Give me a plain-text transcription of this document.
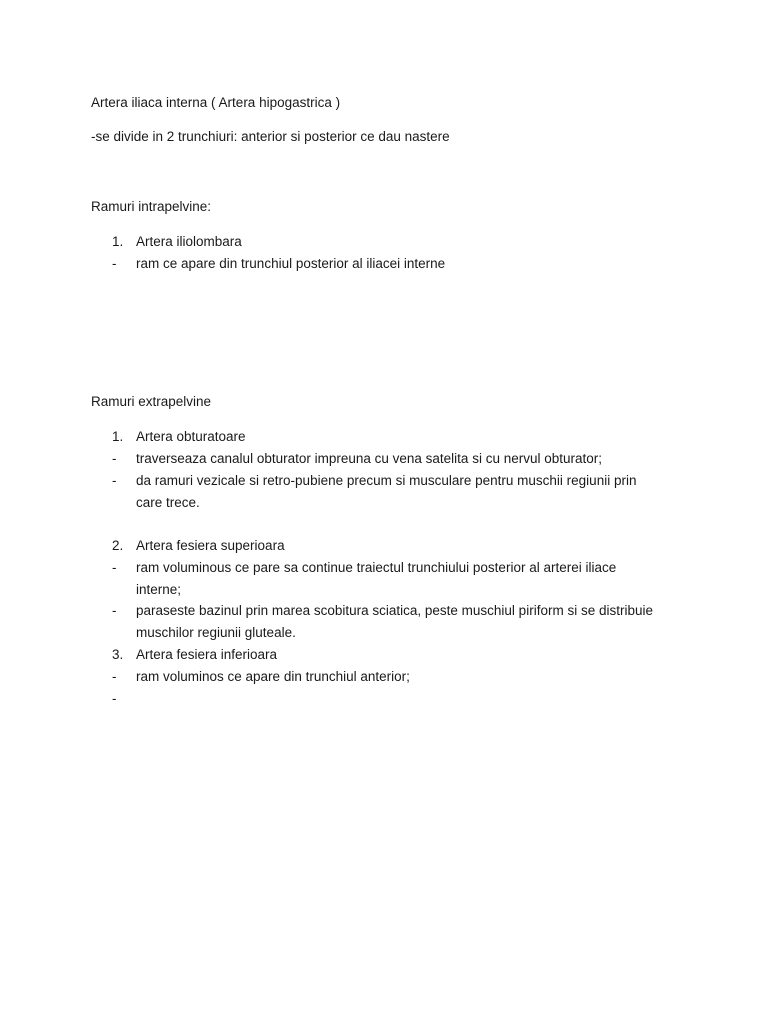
Artera iliaca interna ( Artera hipogastrica )
-se divide in 2 trunchiuri: anterior si posterior ce dau nastere
Ramuri intrapelvine:
1. Artera iliolombara
- ram ce apare din trunchiul posterior al iliacei interne
Ramuri extrapelvine
1. Artera obturatoare
- traverseaza canalul obturator impreuna cu vena satelita si cu nervul obturator;
- da ramuri vezicale si retro-pubiene precum si musculare pentru muschii regiunii prin
care trece.
2. Artera fesiera superioara
- ram voluminous ce pare sa continue traiectul trunchiului posterior al arterei iliace
interne;
- paraseste bazinul prin marea scobitura sciatica, peste muschiul piriform si se distribuie
muschilor regiunii gluteale.
3. Artera fesiera inferioara
- ram voluminos ce apare din trunchiul anterior;
-
